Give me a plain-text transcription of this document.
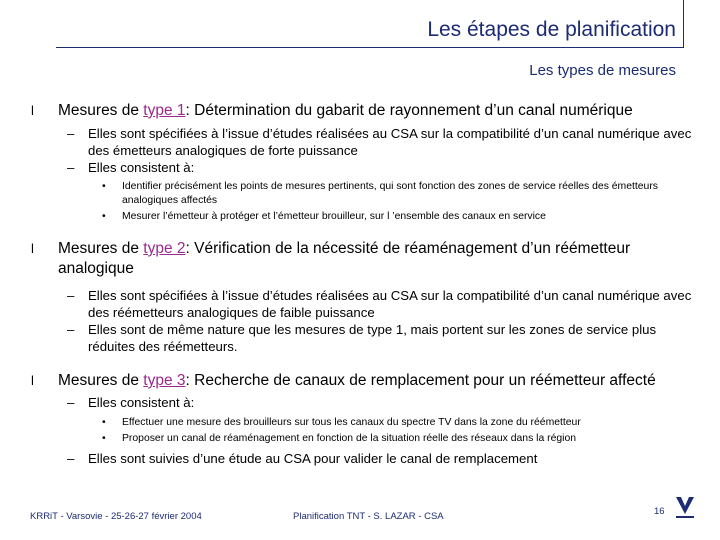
Les étapes de planification
Les types de mesures
l Mesures de type 1: Détermination du gabarit de rayonnement d’un canal numérique
– Elles sont spécifiées à l’issue d’études réalisées au CSA sur la compatibilité d’un canal numérique avec des émetteurs analogiques de forte puissance
– Elles consistent à:
• Identifier précisément les points de mesures pertinents, qui sont fonction des zones de service réelles des émetteurs analogiques affectés
• Mesurer l’émetteur à protéger et l’émetteur brouilleur, sur l ’ensemble des canaux en service
l Mesures de type 2: Vérification de la nécessité de réaménagement d’un réémetteur analogique
– Elles sont spécifiées à l’issue d’études réalisées au CSA sur la compatibilité d’un canal numérique avec des réémetteurs analogiques de faible puissance
– Elles sont de même nature que les mesures de type 1, mais portent sur les zones de service plus réduites des réémetteurs.
l Mesures de type 3: Recherche de canaux de remplacement pour un réémetteur affecté
– Elles consistent à:
• Effectuer une mesure des brouilleurs sur tous les canaux du spectre TV dans la zone du réémetteur
• Proposer un canal de réaménagement en fonction de la situation réelle des réseaux dans la région
– Elles sont suivies d’une étude au CSA pour valider le canal de remplacement
KRRiT - Varsovie - 25-26-27 février 2004	Planification TNT - S. LAZAR - CSA	16
